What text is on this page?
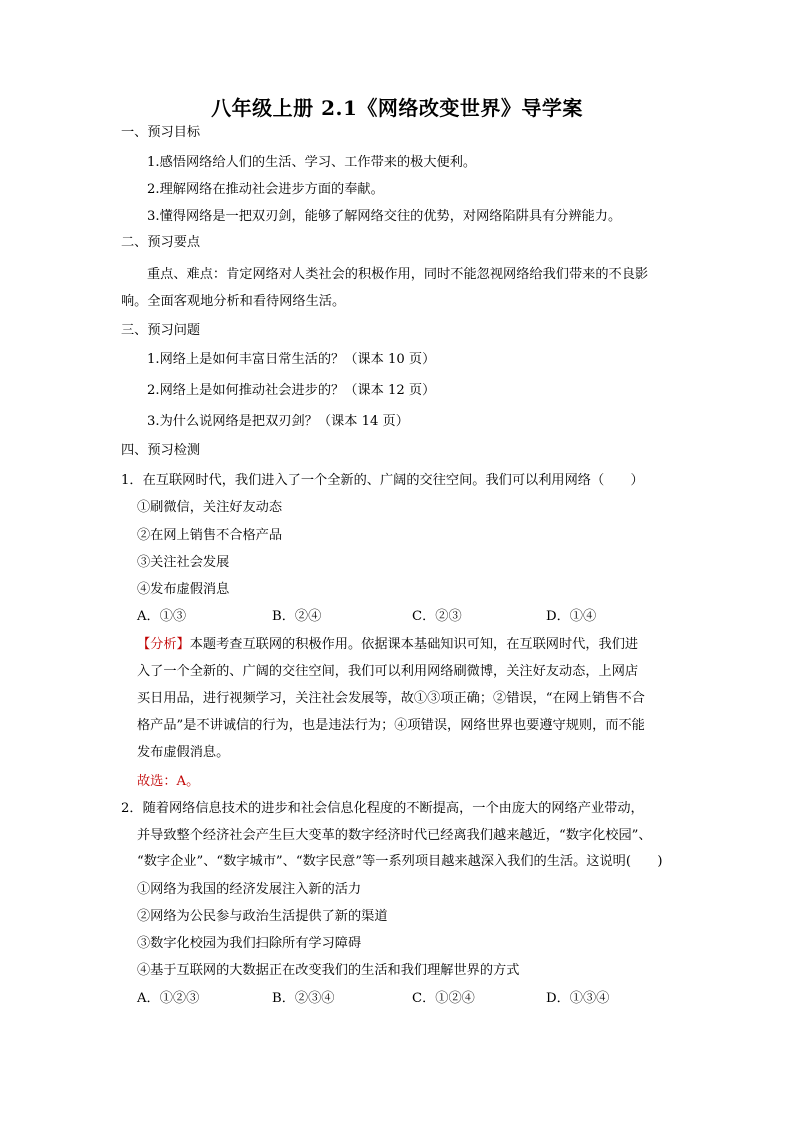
八年级上册 2.1《网络改变世界》导学案
一、预习目标
1.感悟网络给人们的生活、学习、工作带来的极大便利。
2.理解网络在推动社会进步方面的奉献。
3.懂得网络是一把双刃剑，能够了解网络交往的优势，对网络陷阱具有分辨能力。
二、预习要点
重点、难点：肯定网络对人类社会的积极作用，同时不能忽视网络给我们带来的不良影
响。全面客观地分析和看待网络生活。
三、预习问题
1.网络上是如何丰富日常生活的？（课本 10 页）
2.网络上是如何推动社会进步的？（课本 12 页）
3.为什么说网络是把双刃剑？（课本 14 页）
四、预习检测
1．在互联网时代，我们进入了一个全新的、广阔的交往空间。我们可以利用网络（　　）
①刷微信，关注好友动态
②在网上销售不合格产品
③关注社会发展
④发布虚假消息
A．①③	B．②④	C．②③	D．①④
【分析】本题考查互联网的积极作用。依据课本基础知识可知，在互联网时代，我们进
入了一个全新的、广阔的交往空间，我们可以利用网络刷微博，关注好友动态，上网店
买日用品，进行视频学习，关注社会发展等，故①③项正确；②错误，“在网上销售不合
格产品”是不讲诚信的行为，也是违法行为；④项错误，网络世界也要遵守规则，而不能
发布虚假消息。
故选：A。
2．随着网络信息技术的进步和社会信息化程度的不断提高，一个由庞大的网络产业带动，
并导致整个经济社会产生巨大变革的数字经济时代已经离我们越来越近，“数字化校园”、
“数字企业”、“数字城市”、“数字民意”等一系列项目越来越深入我们的生活。这说明(　　)
①网络为我国的经济发展注入新的活力
②网络为公民参与政治生活提供了新的渠道
③数字化校园为我们扫除所有学习障碍
④基于互联网的大数据正在改变我们的生活和我们理解世界的方式
A．①②③	B．②③④	C．①②④	D．①③④
